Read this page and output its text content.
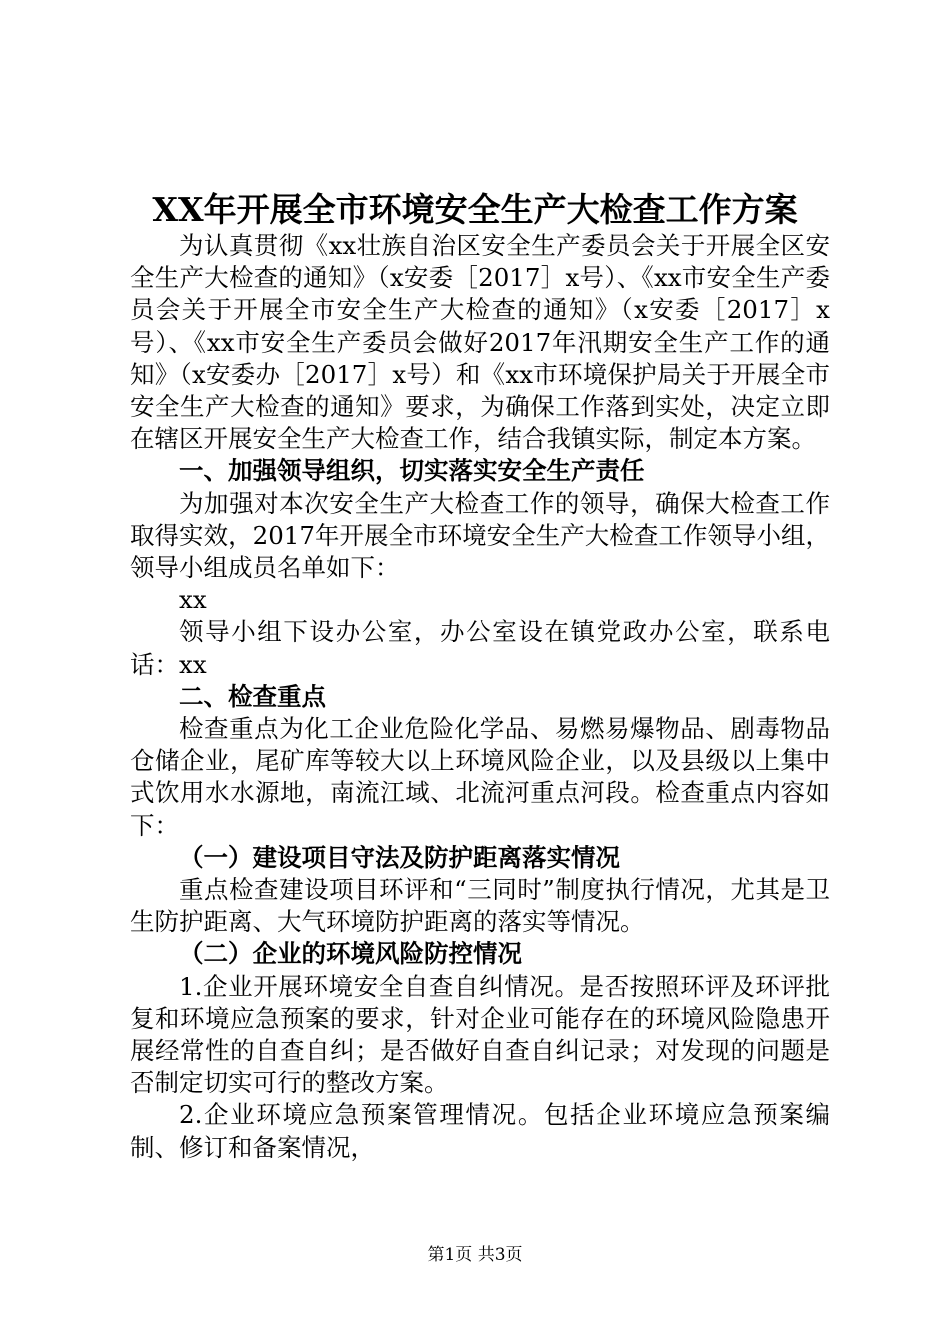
XX年开展全市环境安全生产大检查工作方案

为认真贯彻《xx壮族自治区安全生产委员会关于开展全区安全生产大检查的通知》（x安委［2017］x号）、《xx市安全生产委员会关于开展全市安全生产大检查的通知》（x安委［2017］x号）、《xx市安全生产委员会做好2017年汛期安全生产工作的通知》（x安委办［2017］x号）和《xx市环境保护局关于开展全市安全生产大检查的通知》要求，为确保工作落到实处，决定立即在辖区开展安全生产大检查工作，结合我镇实际，制定本方案。

一、加强领导组织，切实落实安全生产责任

为加强对本次安全生产大检查工作的领导，确保大检查工作取得实效，2017年开展全市环境安全生产大检查工作领导小组，领导小组成员名单如下：

xx

领导小组下设办公室，办公室设在镇党政办公室，联系电话：xx

二、检查重点

检查重点为化工企业危险化学品、易燃易爆物品、剧毒物品仓储企业，尾矿库等较大以上环境风险企业，以及县级以上集中式饮用水水源地，南流江域、北流河重点河段。检查重点内容如下：

（一）建设项目守法及防护距离落实情况

重点检查建设项目环评和“三同时”制度执行情况，尤其是卫生防护距离、大气环境防护距离的落实等情况。

（二）企业的环境风险防控情况

1.企业开展环境安全自查自纠情况。是否按照环评及环评批复和环境应急预案的要求，针对企业可能存在的环境风险隐患开展经常性的自查自纠；是否做好自查自纠记录；对发现的问题是否制定切实可行的整改方案。

2.企业环境应急预案管理情况。包括企业环境应急预案编制、修订和备案情况，

第1页 共3页
